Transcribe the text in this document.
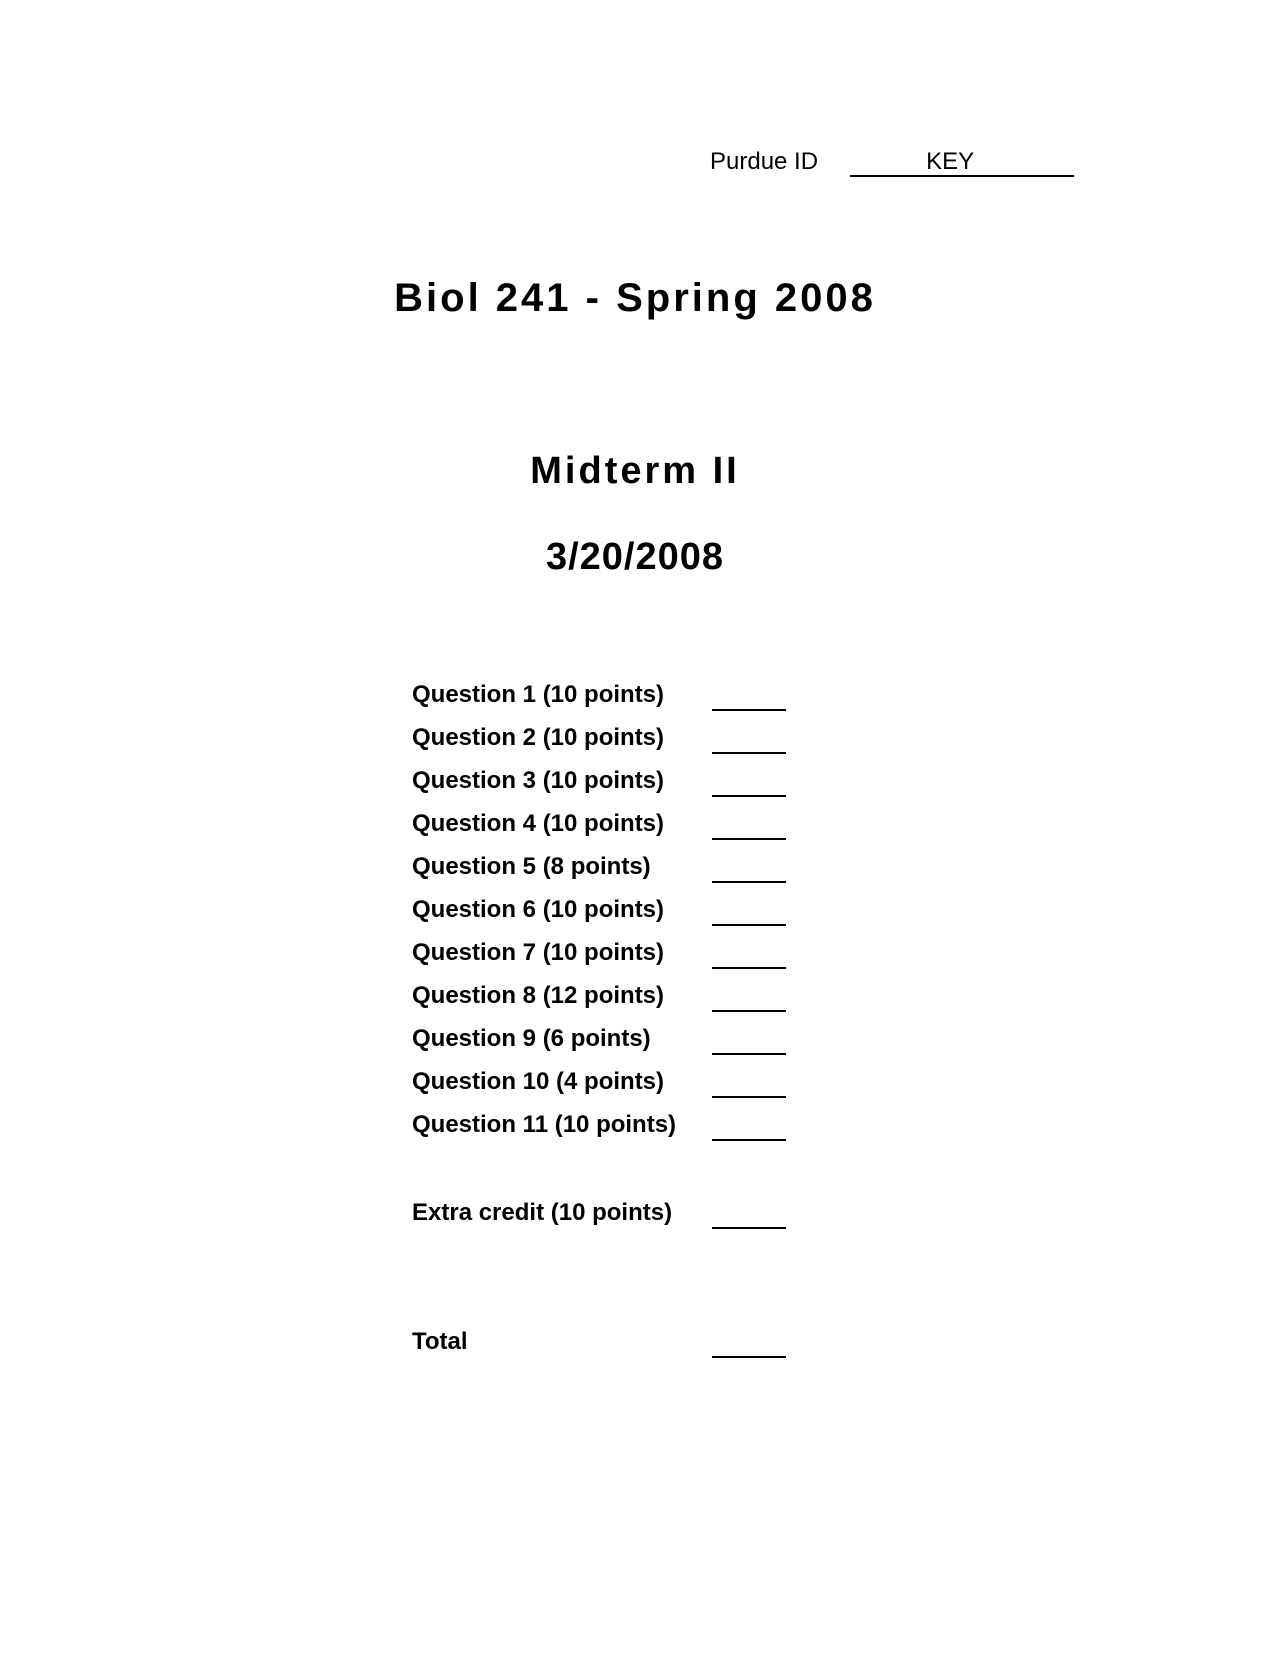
Purdue ID	KEY
Biol 241 - Spring 2008
Midterm II
3/20/2008
Question 1 (10 points)
Question 2 (10 points)
Question 3 (10 points)
Question 4 (10 points)
Question 5 (8 points)
Question 6 (10 points)
Question 7 (10 points)
Question 8 (12 points)
Question 9 (6 points)
Question 10 (4 points)
Question 11 (10 points)
Extra credit (10 points)
Total
